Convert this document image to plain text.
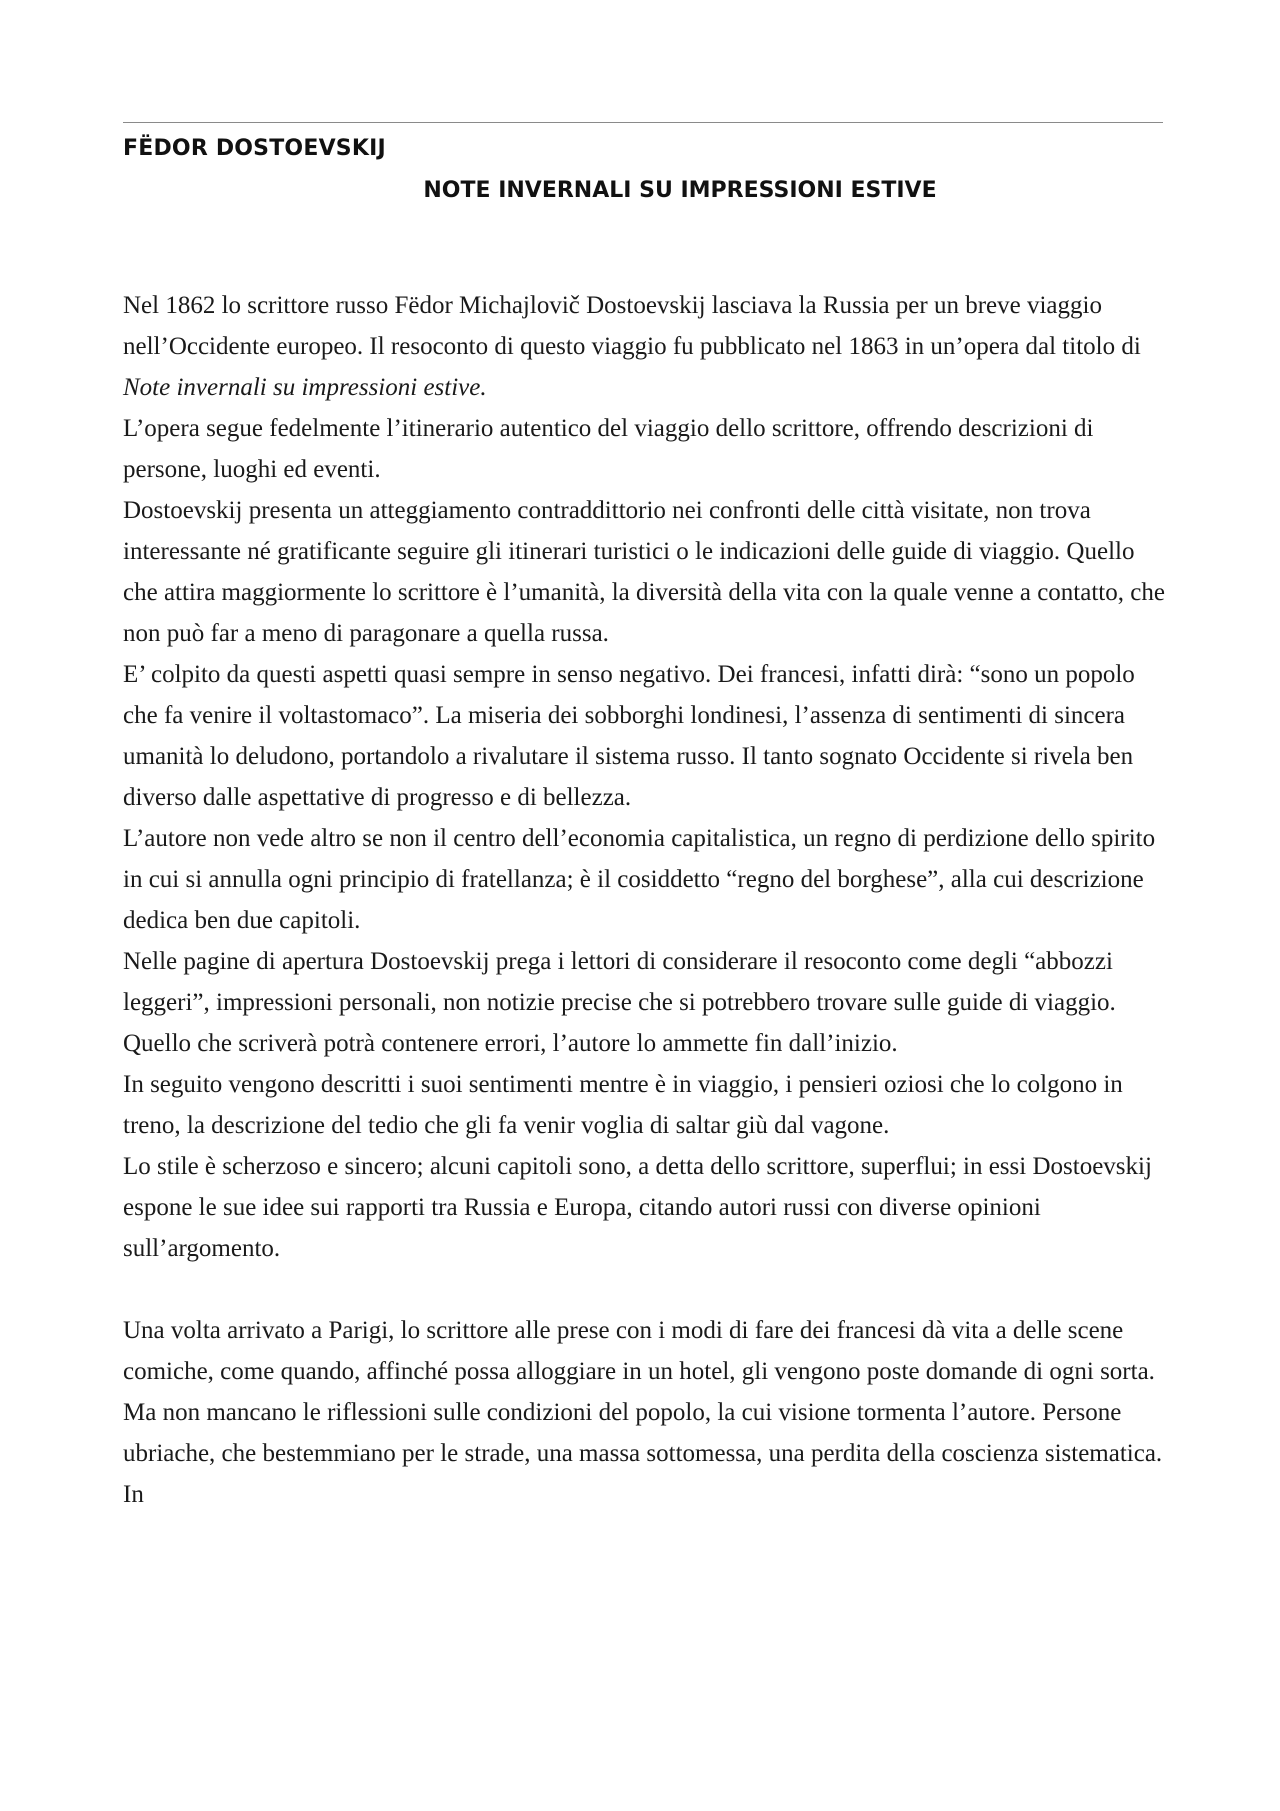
FËDOR DOSTOEVSKIJ
NOTE INVERNALI SU IMPRESSIONI ESTIVE

Nel 1862 lo scrittore russo Fëdor Michajlovič Dostoevskij lasciava la Russia per un breve viaggio nell’Occidente europeo. Il resoconto di questo viaggio fu pubblicato nel 1863 in un’opera dal titolo di Note invernali su impressioni estive.

L’opera segue fedelmente l’itinerario autentico del viaggio dello scrittore, offrendo descrizioni di persone, luoghi ed eventi.

Dostoevskij presenta un atteggiamento contraddittorio nei confronti delle città visitate, non trova interessante né gratificante seguire gli itinerari turistici o le indicazioni delle guide di viaggio. Quello che attira maggiormente lo scrittore è l’umanità, la diversità della vita con la quale venne a contatto, che non può far a meno di paragonare a quella russa.

E’ colpito da questi aspetti quasi sempre in senso negativo. Dei francesi, infatti dirà: “sono un popolo che fa venire il voltastomaco”. La miseria dei sobborghi londinesi, l’assenza di sentimenti di sincera umanità lo deludono, portandolo a rivalutare il sistema russo. Il tanto sognato Occidente si rivela ben diverso dalle aspettative di progresso e di bellezza.

L’autore non vede altro se non il centro dell’economia capitalistica, un regno di perdizione dello spirito in cui si annulla ogni principio di fratellanza; è il cosiddetto “regno del borghese”, alla cui descrizione dedica ben due capitoli.

Nelle pagine di apertura Dostoevskij prega i lettori di considerare il resoconto come degli “abbozzi leggeri”, impressioni personali, non notizie precise che si potrebbero trovare sulle guide di viaggio. Quello che scriverà potrà contenere errori, l’autore lo ammette fin dall’inizio.

In seguito vengono descritti i suoi sentimenti mentre è in viaggio, i pensieri oziosi che lo colgono in treno, la descrizione del tedio che gli fa venir voglia di saltar giù dal vagone.

Lo stile è scherzoso e sincero; alcuni capitoli sono, a detta dello scrittore, superflui; in essi Dostoevskij espone le sue idee sui rapporti tra Russia e Europa, citando autori russi con diverse opinioni sull’argomento.

Una volta arrivato a Parigi, lo scrittore alle prese con i modi di fare dei francesi dà vita a delle scene comiche, come quando, affinché possa alloggiare in un hotel, gli vengono poste domande di ogni sorta. Ma non mancano le riflessioni sulle condizioni del popolo, la cui visione tormenta l’autore. Persone ubriache, che bestemmiano per le strade, una massa sottomessa, una perdita della coscienza sistematica. In
